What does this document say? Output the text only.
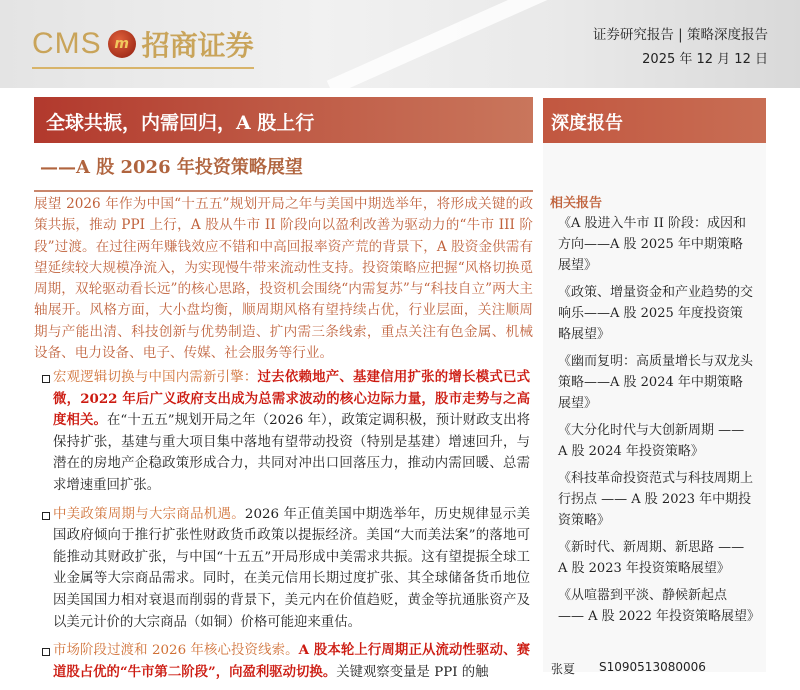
CMS m 招商证券	证券研究报告 | 策略深度报告
2025 年 12 月 12 日
全球共振，内需回归，A 股上行
——A 股 2026 年投资策略展望
深度报告
展望 2026 年作为中国“十五五”规划开局之年与美国中期选举年，将形成关键的政策共振，推动 PPI 上行，A 股从牛市 II 阶段向以盈利改善为驱动力的“牛市 III 阶段”过渡。在过往两年赚钱效应不错和中高回报率资产荒的背景下，A 股资金供需有望延续较大规模净流入，为实现慢牛带来流动性支持。投资策略应把握“风格切换觅周期，双轮驱动看长远”的核心思路，投资机会围绕“内需复苏”与“科技自立”两大主轴展开。风格方面，大小盘均衡，顺周期风格有望持续占优，行业层面，关注顺周期与产能出清、科技创新与优势制造、扩内需三条线索，重点关注有色金属、机械设备、电力设备、电子、传媒、社会服务等行业。
宏观逻辑切换与中国内需新引擎：过去依赖地产、基建信用扩张的增长模式已式微，2022 年后广义政府支出成为总需求波动的核心边际力量，股市走势与之高度相关。在“十五五”规划开局之年（2026 年），政策定调积极，预计财政支出将保持扩张，基建与重大项目集中落地有望带动投资（特别是基建）增速回升，与潜在的房地产企稳政策形成合力，共同对冲出口回落压力，推动内需回暖、总需求增速重回扩张。
中美政策周期与大宗商品机遇。2026 年正值美国中期选举年，历史规律显示美国政府倾向于推行扩张性财政货币政策以提振经济。美国“大而美法案”的落地可能推动其财政扩张，与中国“十五五”开局形成中美需求共振。这有望提振全球工业金属等大宗商品需求。同时，在美元信用长期过度扩张、其全球储备货币地位因美国国力相对衰退而削弱的背景下，美元内在价值趋贬，黄金等抗通胀资产及以美元计价的大宗商品（如铜）价格可能迎来重估。
市场阶段过渡和 2026 年核心投资线索。A 股本轮上行周期正从流动性驱动、赛道股占优的“牛市第二阶段”，向盈利驱动切换。关键观察变量是 PPI 的触
相关报告
《A 股进入牛市 II 阶段：成因和方向——A 股 2025 年中期策略展望》
《政策、增量资金和产业趋势的交响乐——A 股 2025 年度投资策略展望》
《幽而复明：高质量增长与双龙头策略——A 股 2024 年中期策略展望》
《大分化时代与大创新周期 —— A 股 2024 年投资策略》
《科技革命投资范式与科技周期上行拐点 —— A 股 2023 年中期投资策略》
《新时代、新周期、新思路 —— A 股 2023 年投资策略展望》
《从喧嚣到平淡、静候新起点 —— A 股 2022 年投资策略展望》
张夏 S1090513080006
